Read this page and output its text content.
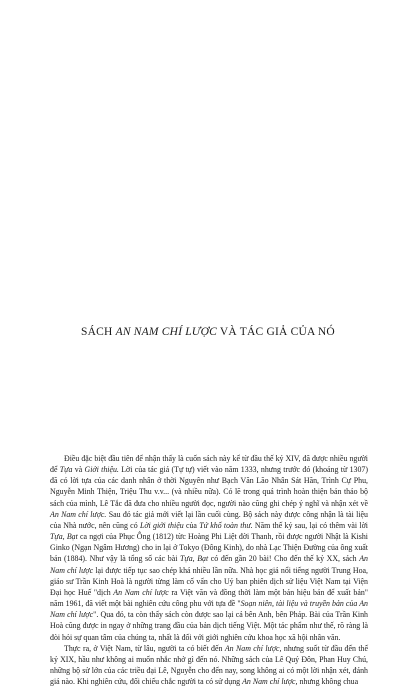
SÁCH AN NAM CHÍ LƯỢC VÀ TÁC GIẢ CỦA NÓ

Điều đặc biệt đầu tiên để nhận thấy là cuốn sách này kể từ đầu thế kỷ XIV, đã được nhiều người để Tựa và Giới thiệu. Lời của tác giả (Tự tự) viết vào năm 1333, nhưng trước đó (khoảng từ 1307) đã có lời tựa của các danh nhân ở thời Nguyên như Bạch Văn Lão Nhân Sát Hãn, Trình Cự Phu, Nguyễn Minh Thiện, Triệu Thu v.v... (và nhiều nữa). Có lẽ trong quá trình hoàn thiện bản thảo bộ sách của mình, Lê Tắc đã đưa cho nhiều người đọc, người nào cũng ghi chép ý nghĩ và nhận xét về An Nam chí lược. Sau đó tác giả mới viết lại lần cuối cùng. Bộ sách này được công nhận là tài liệu của Nhà nước, nên cũng có Lời giới thiệu của Tứ khố toàn thư. Năm thế kỷ sau, lại có thêm vài lời Tựa, Bạt ca ngợi của Phục Ông (1812) từc Hoàng Phi Liệt đời Thanh, rồi được người Nhật là Kishi Ginko (Ngạn Ngâm Hương) cho in lại ở Tokyo (Đông Kinh), do nhà Lạc Thiện Đường của ông xuất bản (1884). Như vậy là tổng số các bài Tựa, Bạt có đến gần 20 bài! Cho đến thế kỷ XX, sách An Nam chí lược lại được tiếp tục sao chép khá nhiều lần nữa. Nhà học giả nổi tiếng người Trung Hoa, giáo sư Trần Kinh Hoà là người từng làm cố vấn cho Uỷ ban phiên dịch sử liệu Việt Nam tại Viện Đại học Huế "dịch An Nam chí lược ra Việt văn và đồng thời làm một bản hiệu bản để xuất bản" năm 1961, đã viết một bài nghiên cứu công phu với tựa đề "Soạn niên, tài liệu và truyền bản của An Nam chí lược". Qua đó, ta còn thấy sách còn được sao lại cả bên Anh, bên Pháp. Bài của Trần Kinh Hoà cũng được in ngay ở những trang đầu của bản dịch tiếng Việt. Một tác phẩm như thế, rõ ràng là đòi hỏi sự quan tâm của chúng ta, nhất là đối với giới nghiên cứu khoa học xã hội nhân văn.

Thực ra, ở Việt Nam, từ lâu, người ta có biết đến An Nam chí lược, nhưng suốt từ đầu đến thế kỷ XIX, hầu như không ai muốn nhắc nhở gì đến nó. Những sách của Lê Quý Đôn, Phan Huy Chú, những bộ sử lớn của các triều đại Lê, Nguyễn cho đến nay, song không ai có một lời nhận xét, đánh giá nào. Khi nghiên cứu, đối chiếu chắc người ta có sử dụng An Nam chí lược, nhưng không chua
